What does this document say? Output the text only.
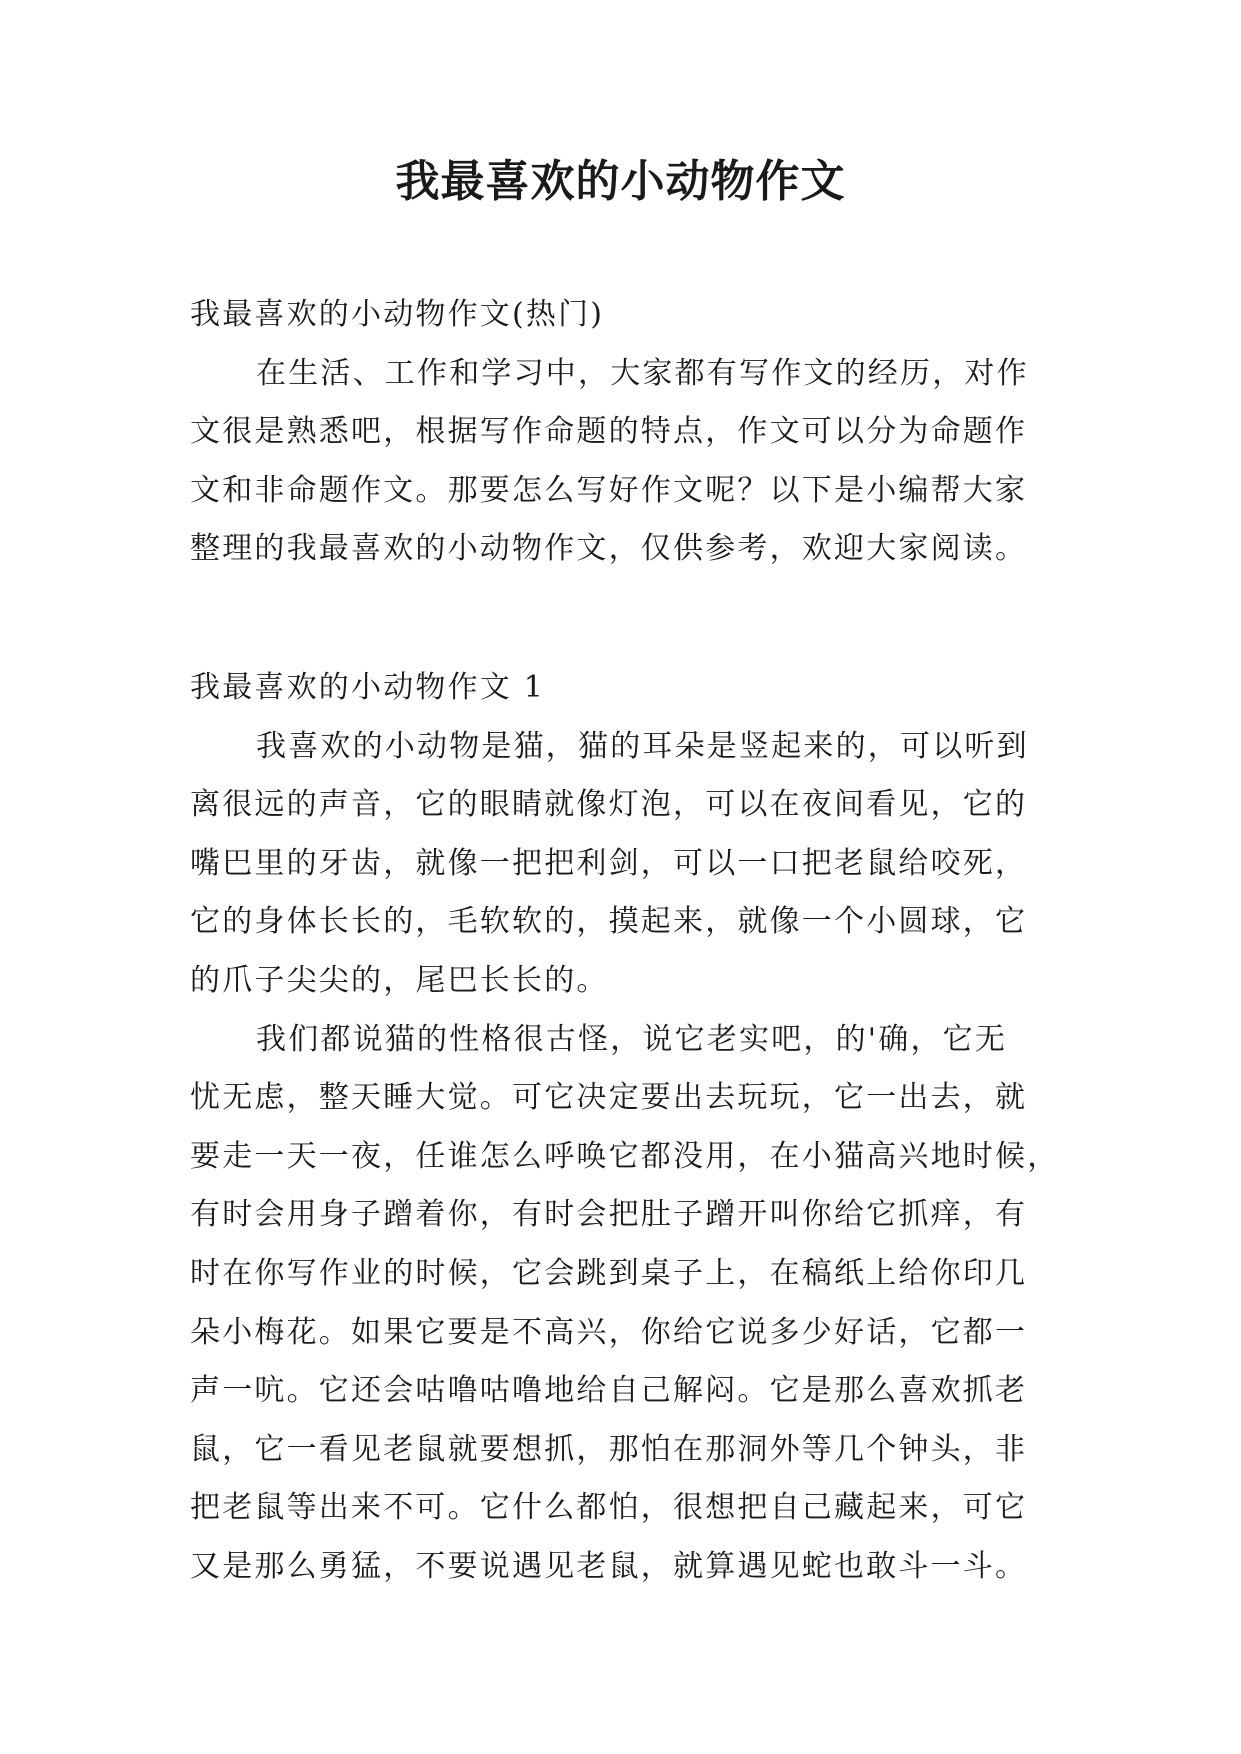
我最喜欢的小动物作文
我最喜欢的小动物作文(热门)
在生活、工作和学习中，大家都有写作文的经历，对作
文很是熟悉吧，根据写作命题的特点，作文可以分为命题作
文和非命题作文。那要怎么写好作文呢？以下是小编帮大家
整理的我最喜欢的小动物作文，仅供参考，欢迎大家阅读。
我最喜欢的小动物作文 1
我喜欢的小动物是猫，猫的耳朵是竖起来的，可以听到
离很远的声音，它的眼睛就像灯泡，可以在夜间看见，它的
嘴巴里的牙齿，就像一把把利剑，可以一口把老鼠给咬死，
它的身体长长的，毛软软的，摸起来，就像一个小圆球，它
的爪子尖尖的，尾巴长长的。
我们都说猫的性格很古怪，说它老实吧，的'确，它无
忧无虑，整天睡大觉。可它决定要出去玩玩，它一出去，就
要走一天一夜，任谁怎么呼唤它都没用，在小猫高兴地时候，
有时会用身子蹭着你，有时会把肚子蹭开叫你给它抓痒，有
时在你写作业的时候，它会跳到桌子上，在稿纸上给你印几
朵小梅花。如果它要是不高兴，你给它说多少好话，它都一
声一吭。它还会咕噜咕噜地给自己解闷。它是那么喜欢抓老
鼠，它一看见老鼠就要想抓，那怕在那洞外等几个钟头，非
把老鼠等出来不可。它什么都怕，很想把自己藏起来，可它
又是那么勇猛，不要说遇见老鼠，就算遇见蛇也敢斗一斗。
